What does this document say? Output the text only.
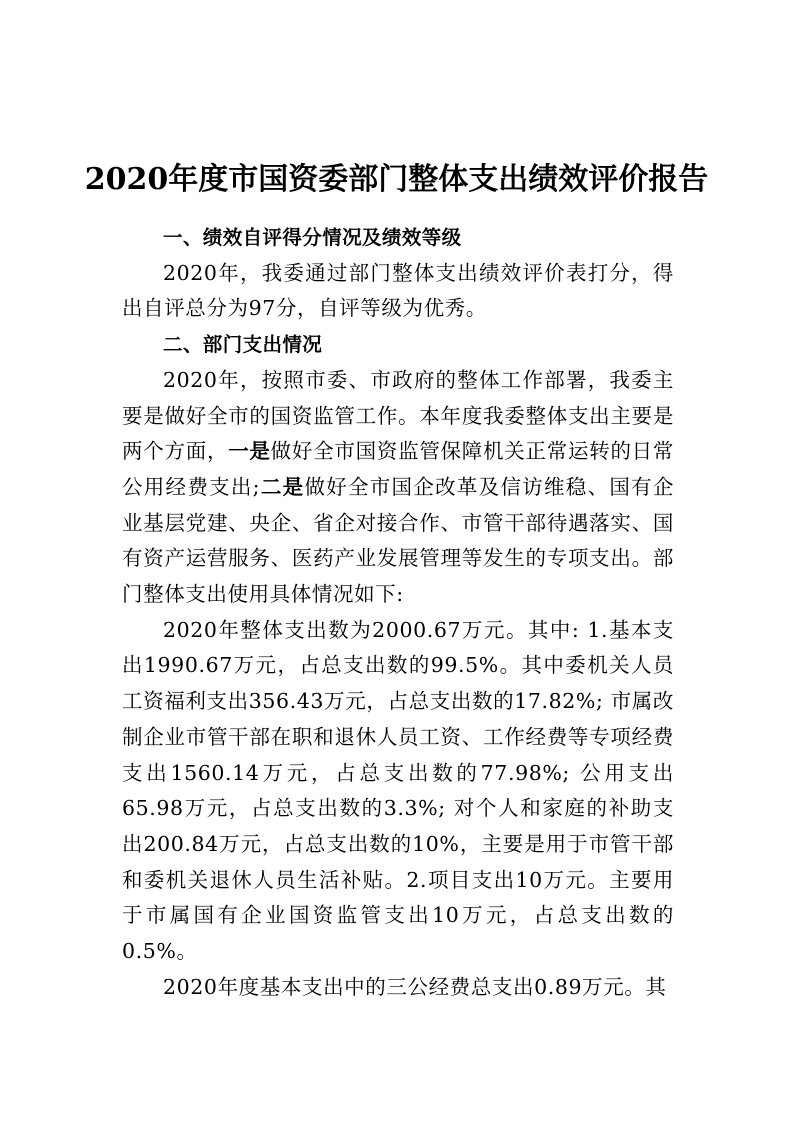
2020年度市国资委部门整体支出绩效评价报告

一、绩效自评得分情况及绩效等级

2020年，我委通过部门整体支出绩效评价表打分，得出自评总分为97分，自评等级为优秀。

二、部门支出情况

2020年，按照市委、市政府的整体工作部署，我委主要是做好全市的国资监管工作。本年度我委整体支出主要是两个方面，一是做好全市国资监管保障机关正常运转的日常公用经费支出;二是做好全市国企改革及信访维稳、国有企业基层党建、央企、省企对接合作、市管干部待遇落实、国有资产运营服务、医药产业发展管理等发生的专项支出。部门整体支出使用具体情况如下:

2020年整体支出数为2000.67万元。其中: 1.基本支出1990.67万元，占总支出数的99.5%。其中委机关人员工资福利支出356.43万元，占总支出数的17.82%; 市属改制企业市管干部在职和退休人员工资、工作经费等专项经费支出1560.14万元，占总支出数的77.98%; 公用支出65.98万元，占总支出数的3.3%; 对个人和家庭的补助支出200.84万元，占总支出数的10%，主要是用于市管干部和委机关退休人员生活补贴。2.项目支出10万元。主要用于市属国有企业国资监管支出10万元，占总支出数的0.5%。

2020年度基本支出中的三公经费总支出0.89万元。其
